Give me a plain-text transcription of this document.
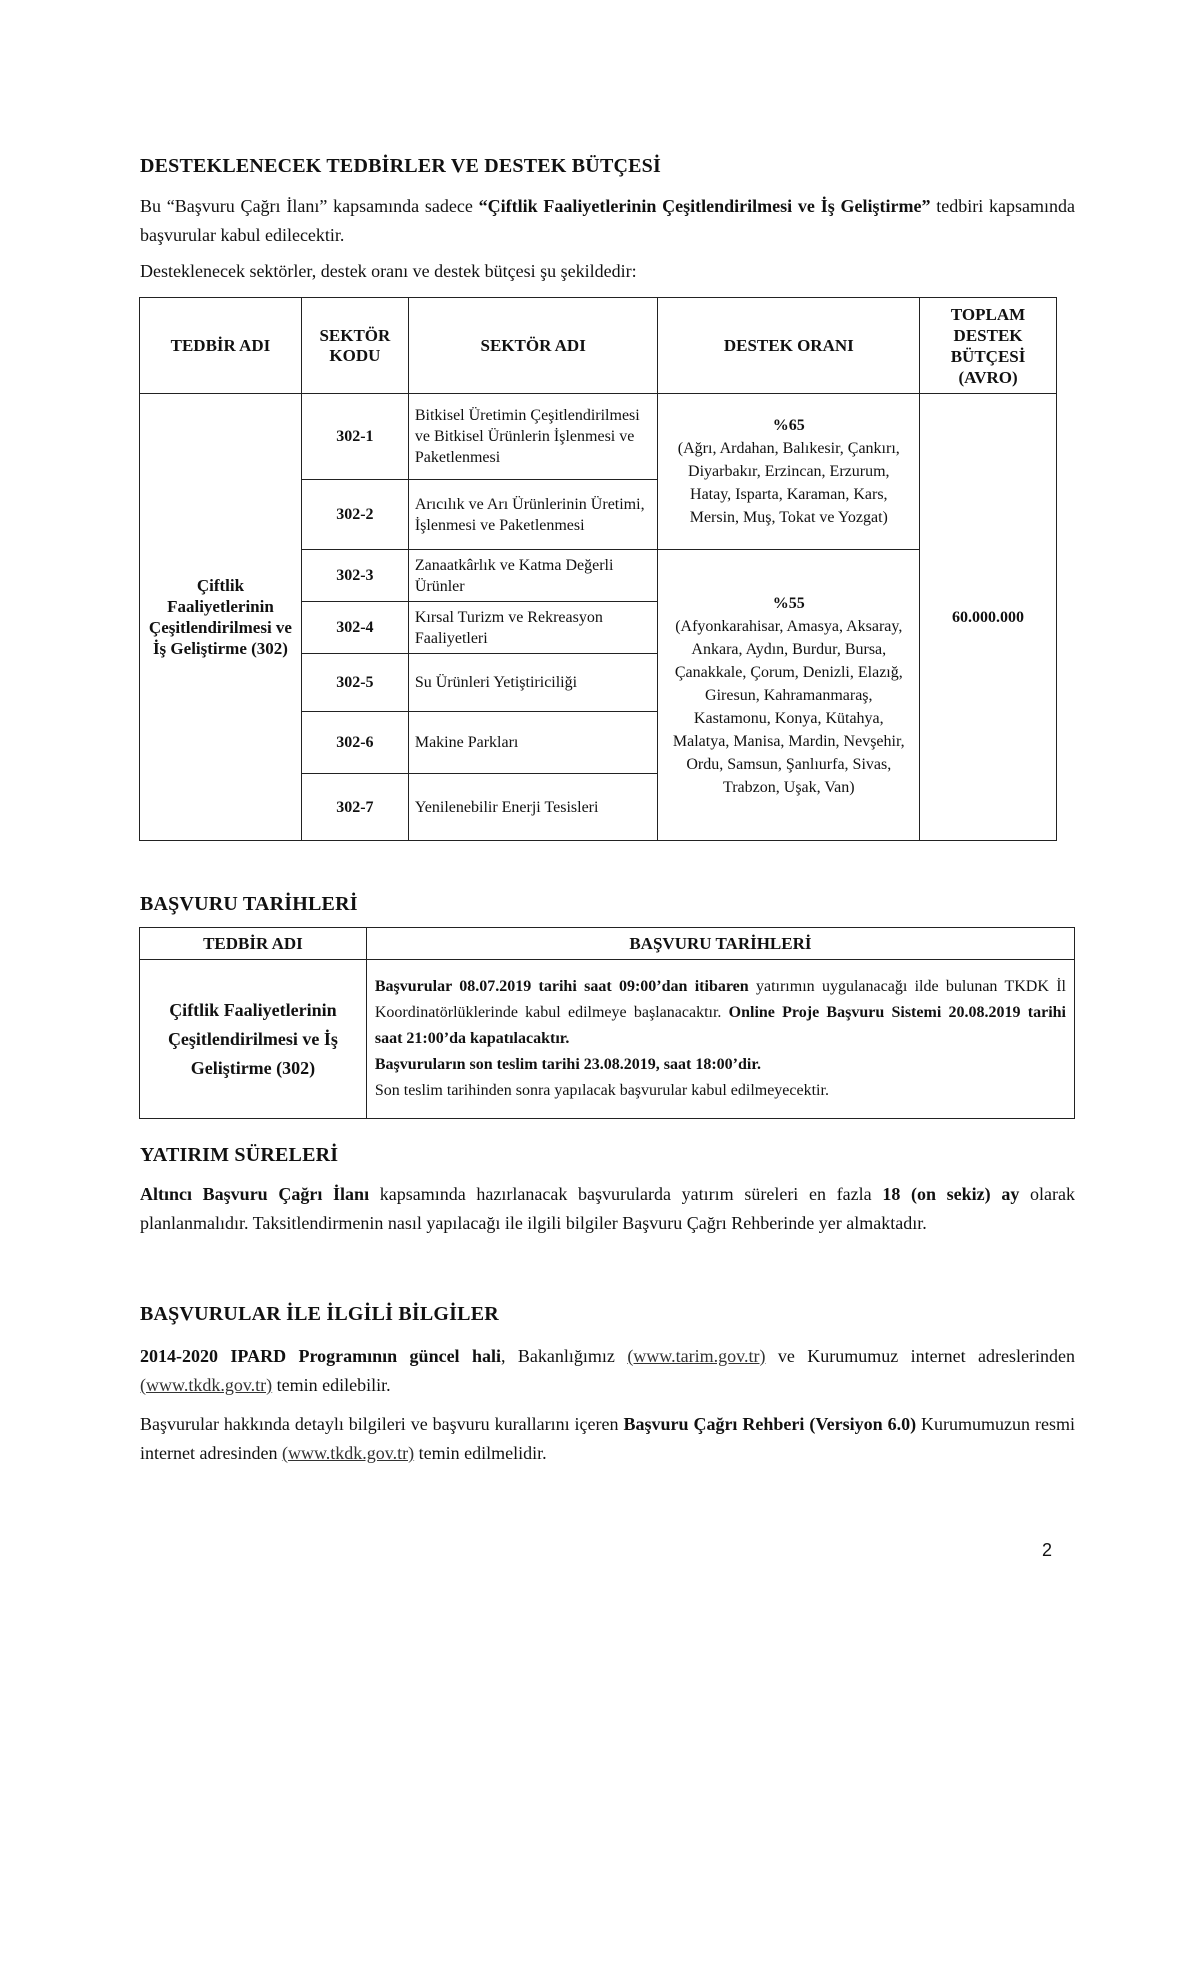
DESTEKLENECEK TEDBİRLER VE DESTEK BÜTÇESİ
Bu “Başvuru Çağrı İlanı” kapsamında sadece “Çiftlik Faaliyetlerinin Çeşitlendirilmesi ve İş Geliştirme” tedbiri kapsamında başvurular kabul edilecektir.
Desteklenecek sektörler, destek oranı ve destek bütçesi şu şekildedir:
TEDBİR ADI	SEKTÖR KODU	SEKTÖR ADI	DESTEK ORANI	TOPLAM DESTEK BÜTÇESİ (AVRO)
Çiftlik Faaliyetlerinin Çeşitlendirilmesi ve İş Geliştirme (302)	302-1	Bitkisel Üretimin Çeşitlendirilmesi ve Bitkisel Ürünlerin İşlenmesi ve Paketlenmesi	%65
(Ağrı, Ardahan, Balıkesir, Çankırı, Diyarbakır, Erzincan, Erzurum, Hatay, Isparta, Karaman, Kars, Mersin, Muş, Tokat ve Yozgat)	60.000.000
	302-2	Arıcılık ve Arı Ürünlerinin Üretimi, İşlenmesi ve Paketlenmesi		
	302-3	Zanaatkârlık ve Katma Değerli Ürünler	%55
(Afyonkarahisar, Amasya, Aksaray, Ankara, Aydın, Burdur, Bursa, Çanakkale, Çorum, Denizli, Elazığ, Giresun, Kahramanmaraş, Kastamonu, Konya, Kütahya, Malatya, Manisa, Mardin, Nevşehir, Ordu, Samsun, Şanlıurfa, Sivas, Trabzon, Uşak, Van)	

	302-4	Kırsal Turizm ve Rekreasyon Faaliyetleri		
	302-5	Su Ürünleri Yetiştiriciliği		
	302-6	Makine Parkları		
	302-7	Yenilenebilir Enerji Tesisleri		
BAŞVURU TARİHLERİ
TEDBİR ADI	BAŞVURU TARİHLERİ
Çiftlik Faaliyetlerinin Çeşitlendirilmesi ve İş Geliştirme (302)	Başvurular 08.07.2019 tarihi saat 09:00’dan itibaren yatırımın uygulanacağı ilde bulunan TKDK İl Koordinatörlüklerinde kabul edilmeye başlanacaktır. Online Proje Başvuru Sistemi 20.08.2019 tarihi saat 21:00’da kapatılacaktır.
Başvuruların son teslim tarihi 23.08.2019, saat 18:00’dir.
Son teslim tarihinden sonra yapılacak başvurular kabul edilmeyecektir.
YATIRIM SÜRELERİ
Altıncı Başvuru Çağrı İlanı kapsamında hazırlanacak başvurularda yatırım süreleri en fazla 18 (on sekiz) ay olarak planlanmalıdır. Taksitlendirmenin nasıl yapılacağı ile ilgili bilgiler Başvuru Çağrı Rehberinde yer almaktadır.
BAŞVURULAR İLE İLGİLİ BİLGİLER
2014-2020 IPARD Programının güncel hali, Bakanlığımız (www.tarim.gov.tr) ve Kurumumuz internet adreslerinden (www.tkdk.gov.tr) temin edilebilir.
Başvurular hakkında detaylı bilgileri ve başvuru kurallarını içeren Başvuru Çağrı Rehberi (Versiyon 6.0) Kurumumuzun resmi internet adresinden (www.tkdk.gov.tr) temin edilmelidir.
2
